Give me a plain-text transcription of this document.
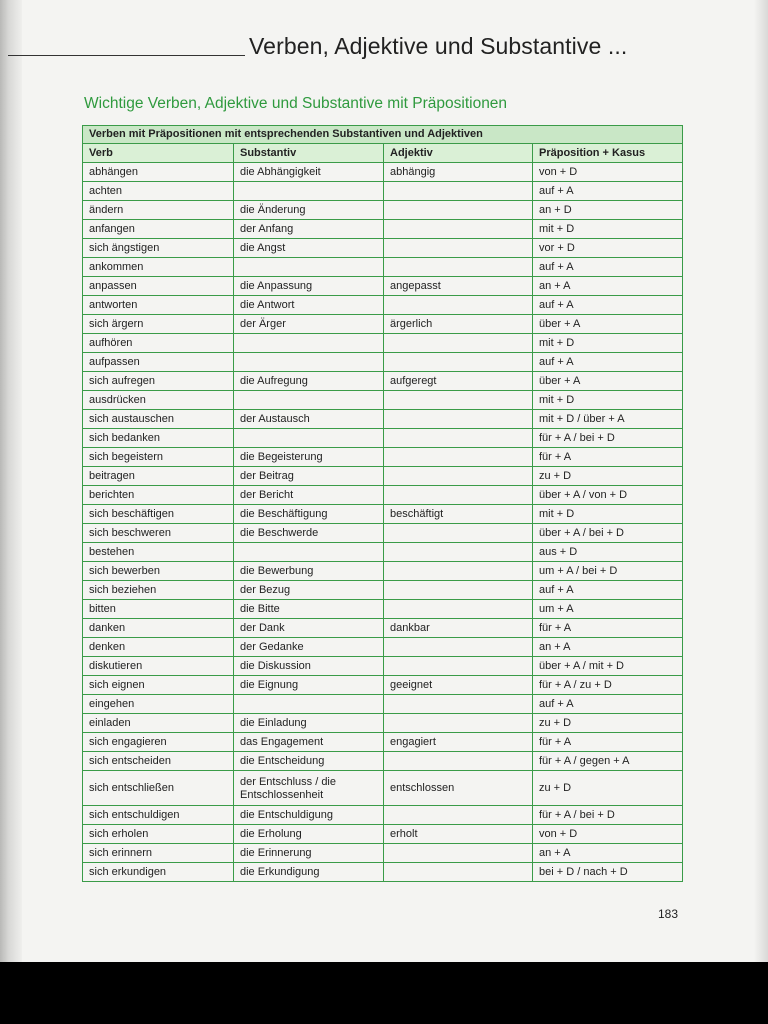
Verben, Adjektive und Substantive ...
Wichtige Verben, Adjektive und Substantive mit Präpositionen
Verben mit Präpositionen mit entsprechenden Substantiven und Adjektiven			
Verb	Substantiv	Adjektiv	Präposition + Kasus
abhängen	die Abhängigkeit	abhängig	von + D
achten			auf + A
ändern	die Änderung		an + D
anfangen	der Anfang		mit + D
sich ängstigen	die Angst		vor + D
ankommen			auf + A
anpassen	die Anpassung	angepasst	an + A
antworten	die Antwort		auf + A
sich ärgern	der Ärger	ärgerlich	über + A
aufhören			mit + D
aufpassen			auf + A
sich aufregen	die Aufregung	aufgeregt	über + A
ausdrücken			mit + D
sich austauschen	der Austausch		mit + D / über + A
sich bedanken			für + A / bei + D
sich begeistern	die Begeisterung		für + A
beitragen	der Beitrag		zu + D
berichten	der Bericht		über + A / von + D
sich beschäftigen	die Beschäftigung	beschäftigt	mit + D
sich beschweren	die Beschwerde		über + A / bei + D
bestehen			aus + D
sich bewerben	die Bewerbung		um + A / bei + D
sich beziehen	der Bezug		auf + A
bitten	die Bitte		um + A
danken	der Dank	dankbar	für + A
denken	der Gedanke		an + A
diskutieren	die Diskussion		über + A / mit + D
sich eignen	die Eignung	geeignet	für + A / zu + D
eingehen			auf + A
einladen	die Einladung		zu + D
sich engagieren	das Engagement	engagiert	für + A
sich entscheiden	die Entscheidung		für + A / gegen + A
sich entschließen	der Entschluss / die Entschlossenheit	entschlossen	zu + D
sich entschuldigen	die Entschuldigung		für + A / bei + D
sich erholen	die Erholung	erholt	von + D
sich erinnern	die Erinnerung		an + A
sich erkundigen	die Erkundigung		bei + D / nach + D
183
